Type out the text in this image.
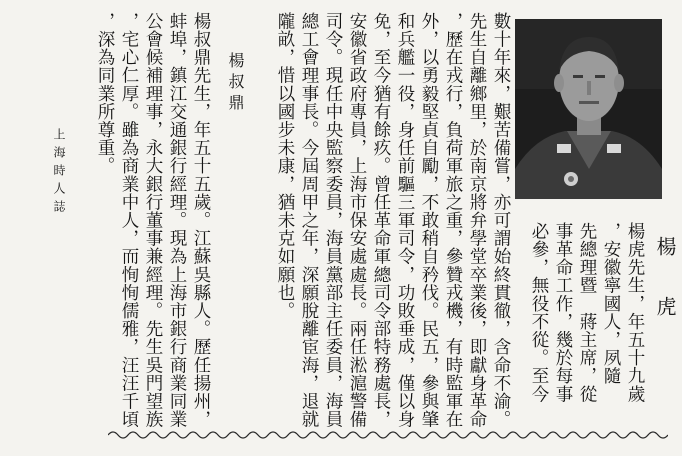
楊 虎
楊虎先生，年五十九歲
，安徽寧國人，夙隨
先總理暨　蔣主席，從
事革命工作，幾於每事
必參，無役不從。至今
數十年來，艱苦備嘗，亦可謂始終貫徹，含命不渝。
先生自離鄉里，於南京將弁學堂卒業後，即獻身革命
，歷在戎行，負荷軍旅之重，參贊戎機，有時監軍在
外，以勇毅堅貞自勵，不敢稍自矜伐。民五，參與肇
和兵艦一役，身任前驅三軍司令，功敗垂成，僅以身
免，至今猶有餘疚。曾任革命軍總司令部特務處長，
安徽省政府專員，上海市保安處處長。兩任淞滬警備
司令。現任中央監察委員，海員黨部主任委員，海員
總工會理事長。今屆周甲之年，深願脫離宦海，退就
隴畝，惜以國步未康，猶未克如願也。
楊叔鼎
楊叔鼎先生，年五十五歲。江蘇吳縣人。歷任揚州，
蚌埠，鎮江交通銀行經理。現為上海市銀行商業同業
公會候補理事，永大銀行董事兼經理。先生吳門望族
，宅心仁厚。雖為商業中人，而恂恂儒雅，汪汪千頃
，深為同業所尊重。
上海時人誌
